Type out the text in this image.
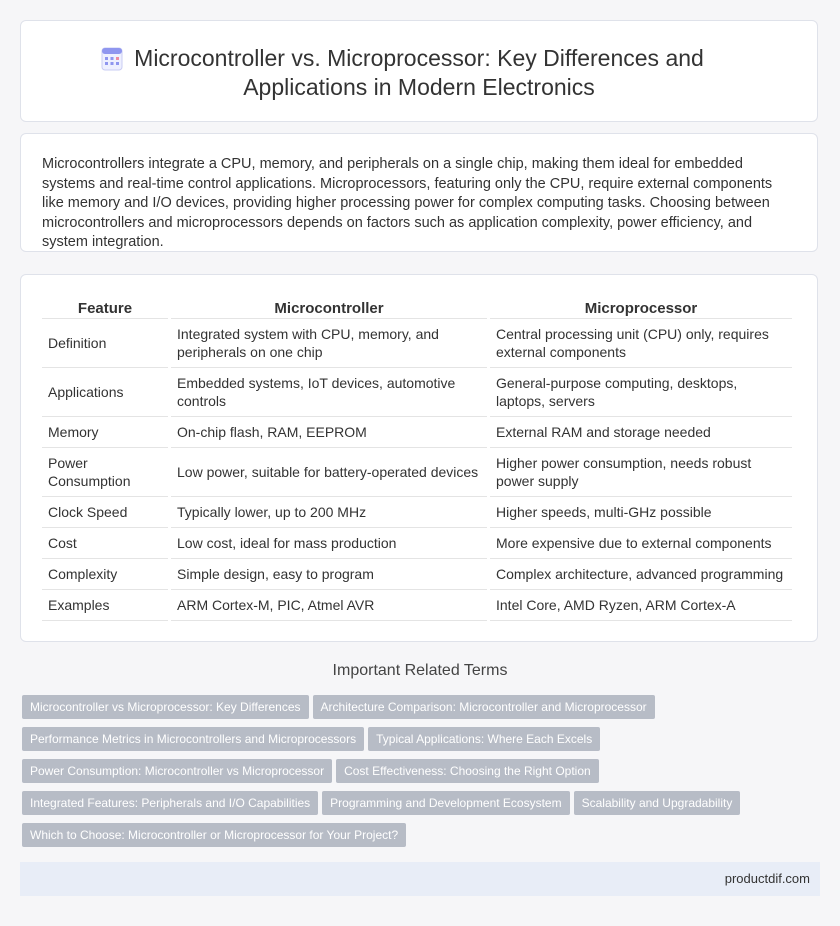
Microcontroller vs. Microprocessor: Key Differences and
Applications in Modern Electronics
Microcontrollers integrate a CPU, memory, and peripherals on a single chip, making them ideal for embedded systems and real-time control applications. Microprocessors, featuring only the CPU, require external components like memory and I/O devices, providing higher processing power for complex computing tasks. Choosing between microcontrollers and microprocessors depends on factors such as application complexity, power efficiency, and system integration.
Feature	Microcontroller	Microprocessor
Definition	Integrated system with CPU, memory, and peripherals on one chip	Central processing unit (CPU) only, requires external components
Applications	Embedded systems, IoT devices, automotive controls	General-purpose computing, desktops, laptops, servers
Memory	On-chip flash, RAM, EEPROM	External RAM and storage needed
Power Consumption	Low power, suitable for battery-operated devices	Higher power consumption, needs robust power supply
Clock Speed	Typically lower, up to 200 MHz	Higher speeds, multi-GHz possible
Cost	Low cost, ideal for mass production	More expensive due to external components
Complexity	Simple design, easy to program	Complex architecture, advanced programming
Examples	ARM Cortex-M, PIC, Atmel AVR	Intel Core, AMD Ryzen, ARM Cortex-A
Important Related Terms
Microcontroller vs Microprocessor: Key Differences Architecture Comparison: Microcontroller and Microprocessor
Performance Metrics in Microcontrollers and Microprocessors Typical Applications: Where Each Excels
Power Consumption: Microcontroller vs Microprocessor Cost Effectiveness: Choosing the Right Option
Integrated Features: Peripherals and I/O Capabilities Programming and Development Ecosystem Scalability and Upgradability
Which to Choose: Microcontroller or Microprocessor for Your Project?
productdif.com
